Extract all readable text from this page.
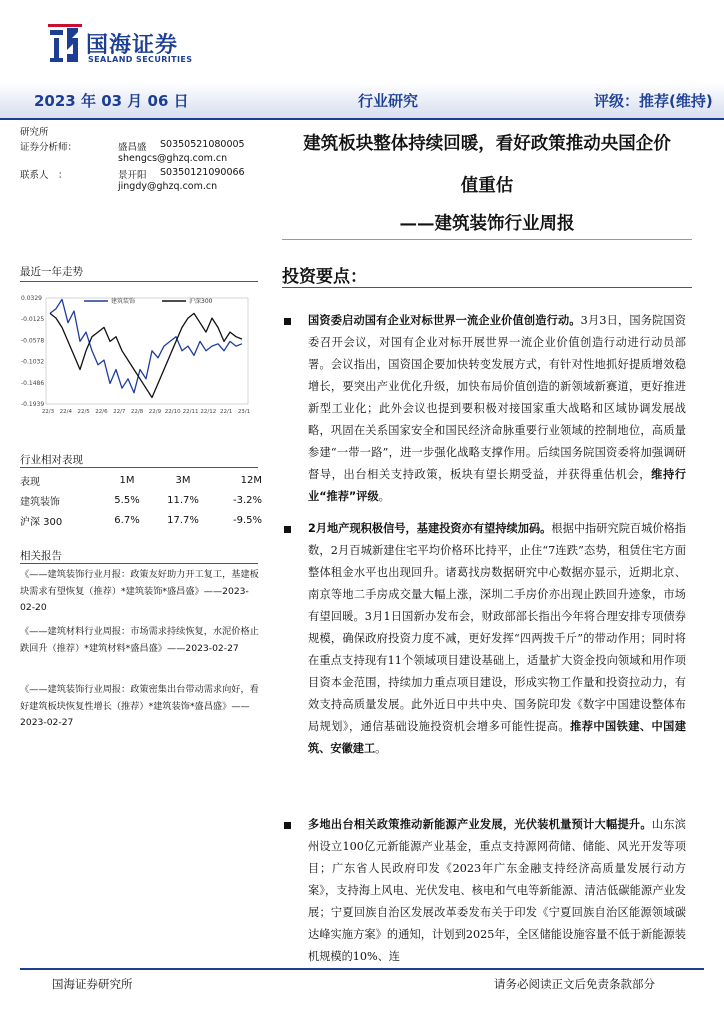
国海证券
SEALAND SECURITIES
2023 年 03 月 06 日	行业研究	评级：推荐(维持)
研究所
证券分析师：	盛昌盛 S0350521080005
shengcs@ghzq.com.cn
联系人　：	景开阳 S0350121090066
jingdy@ghzq.com.cn
建筑板块整体持续回暖，看好政策推动央国企价
值重估
——建筑装饰行业周报
最近一年走势
0.0329
-0.0125
-0.0578
-0.1032
-0.1486
-0.1939
22/3 22/4 22/5 22/6 22/7 22/8 22/9 22/10 22/11 22/12 22/1 23/1
建筑装饰	沪深300
行业相对表现
表现	1M	3M	12M
建筑装饰	5.5%	11.7%	-3.2%
沪深 300	6.7%	17.7%	-9.5%
相关报告
《——建筑装饰行业月报：政策友好助力开工复工，基建板块需求有望恢复（推荐）*建筑装饰*盛昌盛》——2023-02-20
《——建筑材料行业周报：市场需求持续恢复，水泥价格止跌回升（推荐）*建筑材料*盛昌盛》——2023-02-27
《——建筑装饰行业周报：政策密集出台带动需求向好，看好建筑板块恢复性增长（推荐）*建筑装饰*盛昌盛》——2023-02-27
投资要点：
国资委启动国有企业对标世界一流企业价值创造行动。3月3日，国务院国资委召开会议，对国有企业对标开展世界一流企业价值创造行动进行动员部署。会议指出，国资国企要加快转变发展方式，有针对性地抓好提质增效稳增长，要突出产业优化升级，加快布局价值创造的新领域新赛道，更好推进新型工业化；此外会议也提到要积极对接国家重大战略和区域协调发展战略，巩固在关系国家安全和国民经济命脉重要行业领域的控制地位，高质量参建“一带一路”，进一步强化战略支撑作用。后续国务院国资委将加强调研督导，出台相关支持政策，板块有望长期受益，并获得重估机会，维持行业“推荐”评级。
2月地产现积极信号，基建投资亦有望持续加码。根据中指研究院百城价格指数，2月百城新建住宅平均价格环比持平，止住“7连跌”态势，租赁住宅方面整体租金水平也出现回升。诸葛找房数据研究中心数据亦显示，近期北京、南京等地二手房成交量大幅上涨，深圳二手房价亦出现止跌回升迹象，市场有望回暖。3月1日国新办发布会，财政部部长指出今年将合理安排专项债券规模，确保政府投资力度不减，更好发挥“四两拨千斤”的带动作用；同时将在重点支持现有11个领域项目建设基础上，适量扩大资金投向领域和用作项目资本金范围，持续加力重点项目建设，形成实物工作量和投资拉动力，有效支持高质量发展。此外近日中共中央、国务院印发《数字中国建设整体布局规划》，通信基础设施投资机会增多可能性提高。推荐中国铁建、中国建筑、安徽建工。
多地出台相关政策推动新能源产业发展，光伏装机量预计大幅提升。山东滨州设立100亿元新能源产业基金，重点支持源网荷储、储能、风光开发等项目；广东省人民政府印发《2023年广东金融支持经济高质量发展行动方案》，支持海上风电、光伏发电、核电和气电等新能源、清洁低碳能源产业发展；宁夏回族自治区发展改革委发布关于印发《宁夏回族自治区能源领域碳达峰实施方案》的通知，计划到2025年，全区储能设施容量不低于新能源装机规模的10%、连
国海证券研究所	请务必阅读正文后免责条款部分
